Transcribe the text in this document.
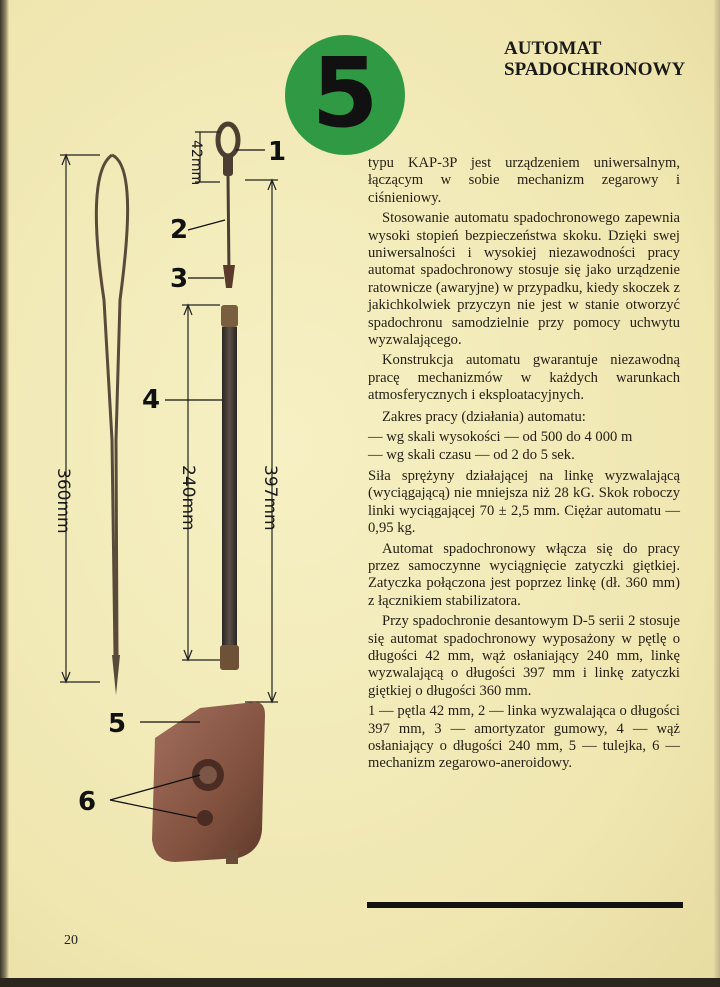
360mm
42mm
240mm	397mm
1
2
3
4
5
6
5	AUTOMAT
SPADOCHRONOWY

typu KAP-3P jest urządzeniem uniwersalnym, łączącym w sobie mechanizm zegarowy i ciśnieniowy.

Stosowanie automatu spadochronowego zapewnia wysoki stopień bezpieczeństwa skoku. Dzięki swej uniwersalności i wysokiej niezawodności pracy automat spadochronowy stosuje się jako urządzenie ratownicze (awaryjne) w przypadku, kiedy skoczek z jakichkolwiek przyczyn nie jest w stanie otworzyć spadochronu samodzielnie przy pomocy uchwytu wyzwalającego.

Konstrukcja automatu gwarantuje niezawodną pracę mechanizmów w każdych warunkach atmosferycznych i eksploatacyjnych.

Zakres pracy (działania) automatu:

— wg skali wysokości — od 500 do 4 000 m

— wg skali czasu — od 2 do 5 sek.

Siła sprężyny działającej na linkę wyzwalającą (wyciągającą) nie mniejsza niż 28 kG. Skok roboczy linki wyciągającej 70 ± 2,5 mm. Ciężar automatu — 0,95 kg.

Automat spadochronowy włącza się do pracy przez samoczynne wyciągnięcie zatyczki giętkiej. Zatyczka połączona jest poprzez linkę (dł. 360 mm) z łącznikiem stabilizatora.

Przy spadochronie desantowym D-5 serii 2 stosuje się automat spadochronowy wyposażony w pętlę o długości 42 mm, wąż osłaniający 240 mm, linkę wyzwalającą o długości 397 mm i linkę zatyczki giętkiej o długości 360 mm.

1 — pętla 42 mm, 2 — linka wyzwalająca o długości 397 mm, 3 — amortyzator gumowy, 4 — wąż osłaniający o długości 240 mm, 5 — tulejka, 6 — mechanizm zegarowo-aneroidowy.

20
